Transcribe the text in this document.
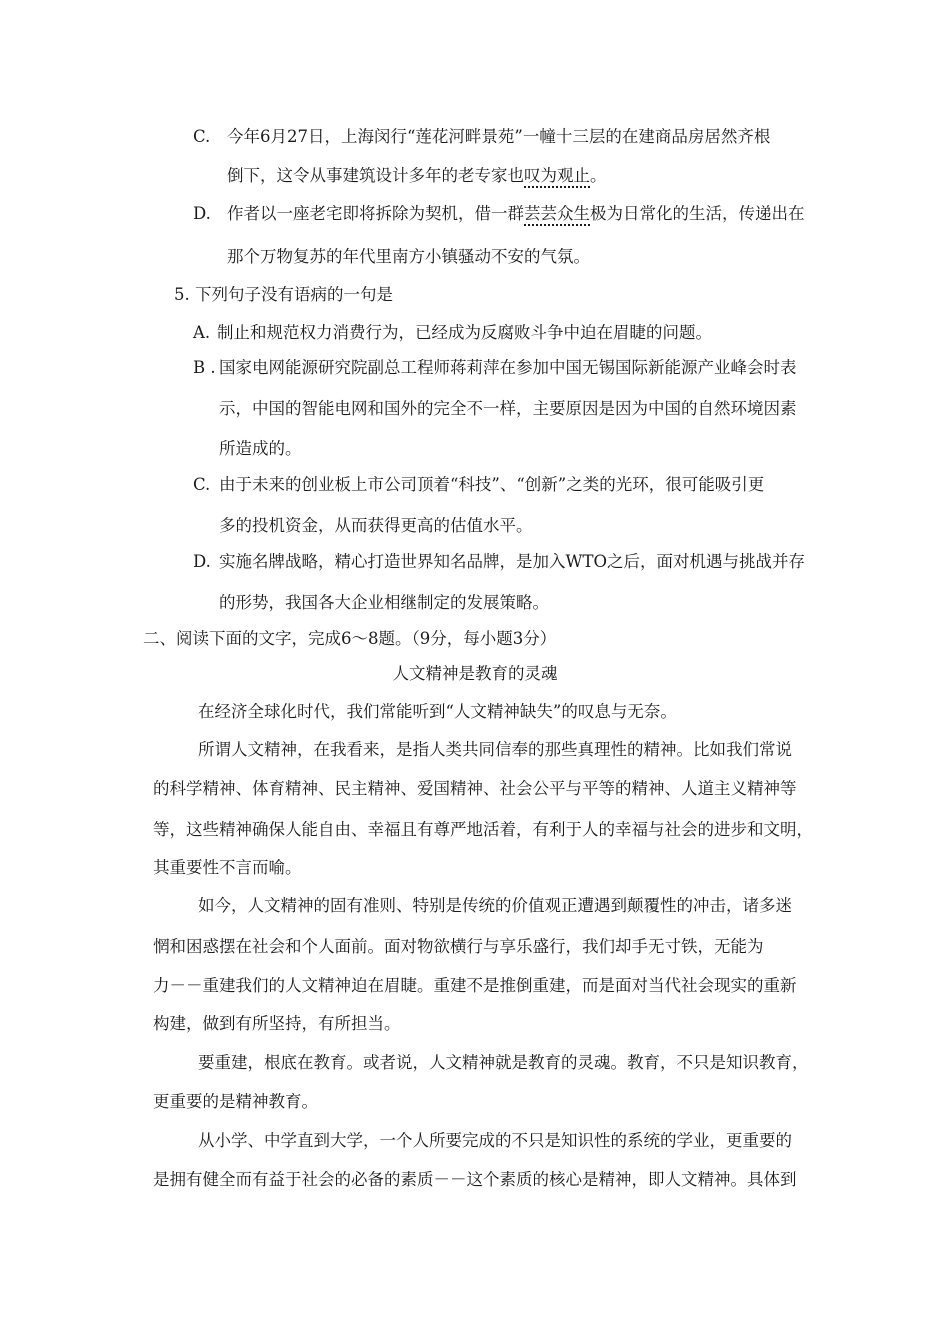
C. 今年6月27日，上海闵行“莲花河畔景苑”一幢十三层的在建商品房居然齐根
倒下，这令从事建筑设计多年的老专家也叹为观止。
D. 作者以一座老宅即将拆除为契机，借一群芸芸众生极为日常化的生活，传递出在
那个万物复苏的年代里南方小镇骚动不安的气氛。
5. 下列句子没有语病的一句是
A. 制止和规范权力消费行为，已经成为反腐败斗争中迫在眉睫的问题。
B . 国家电网能源研究院副总工程师蒋莉萍在参加中国无锡国际新能源产业峰会时表
示，中国的智能电网和国外的完全不一样，主要原因是因为中国的自然环境因素
所造成的。
C. 由于未来的创业板上市公司顶着“科技”、“创新”之类的光环，很可能吸引更
多的投机资金，从而获得更高的估值水平。
D. 实施名牌战略，精心打造世界知名品牌，是加入WTO之后，面对机遇与挑战并存
的形势，我国各大企业相继制定的发展策略。
二、阅读下面的文字，完成6～8题。（9分，每小题3分）
人文精神是教育的灵魂
在经济全球化时代，我们常能听到“人文精神缺失”的叹息与无奈。
所谓人文精神，在我看来，是指人类共同信奉的那些真理性的精神。比如我们常说
的科学精神、体育精神、民主精神、爱国精神、社会公平与平等的精神、人道主义精神等
等，这些精神确保人能自由、幸福且有尊严地活着，有利于人的幸福与社会的进步和文明，
其重要性不言而喻。
如今，人文精神的固有准则、特别是传统的价值观正遭遇到颠覆性的冲击，诸多迷
惘和困惑摆在社会和个人面前。面对物欲横行与享乐盛行，我们却手无寸铁，无能为
力－－重建我们的人文精神迫在眉睫。重建不是推倒重建，而是面对当代社会现实的重新
构建，做到有所坚持，有所担当。
要重建，根底在教育。或者说，人文精神就是教育的灵魂。教育，不只是知识教育，
更重要的是精神教育。
从小学、中学直到大学，一个人所要完成的不只是知识性的系统的学业，更重要的
是拥有健全而有益于社会的必备的素质－－这个素质的核心是精神，即人文精神。具体到
